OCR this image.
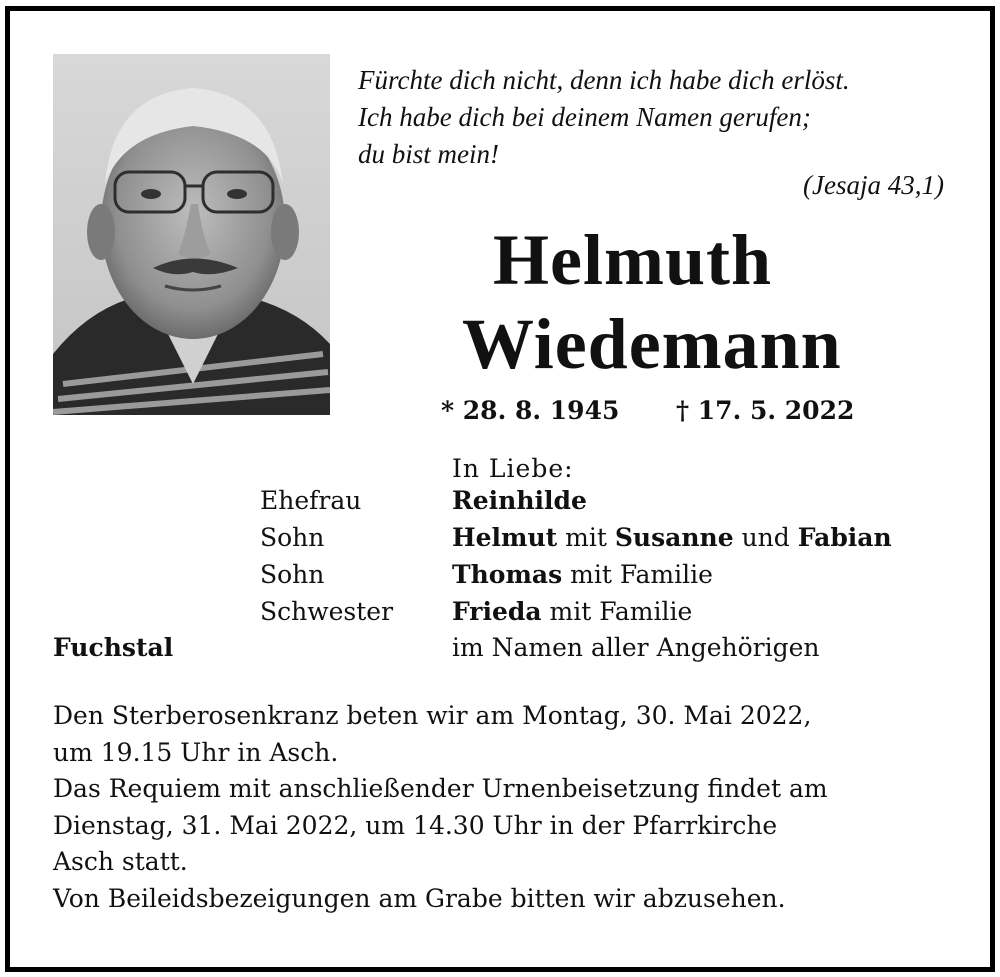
Fürchte dich nicht, denn ich habe dich erlöst.
Ich habe dich bei deinem Namen gerufen;
du bist mein!
(Jesaja 43,1)
Helmuth
Wiedemann
* 28. 8. 1945 † 17. 5. 2022
In Liebe:
Ehefrau	Reinhilde
Sohn	Helmut mit Susanne und Fabian
Sohn	Thomas mit Familie
Schwester Frieda mit Familie
Fuchstal	im Namen aller Angehörigen
Den Sterberosenkranz beten wir am Montag, 30. Mai 2022,
um 19.15 Uhr in Asch.
Das Requiem mit anschließender Urnenbeisetzung findet am
Dienstag, 31. Mai 2022, um 14.30 Uhr in der Pfarrkirche
Asch statt.
Von Beileidsbezeigungen am Grabe bitten wir abzusehen.
